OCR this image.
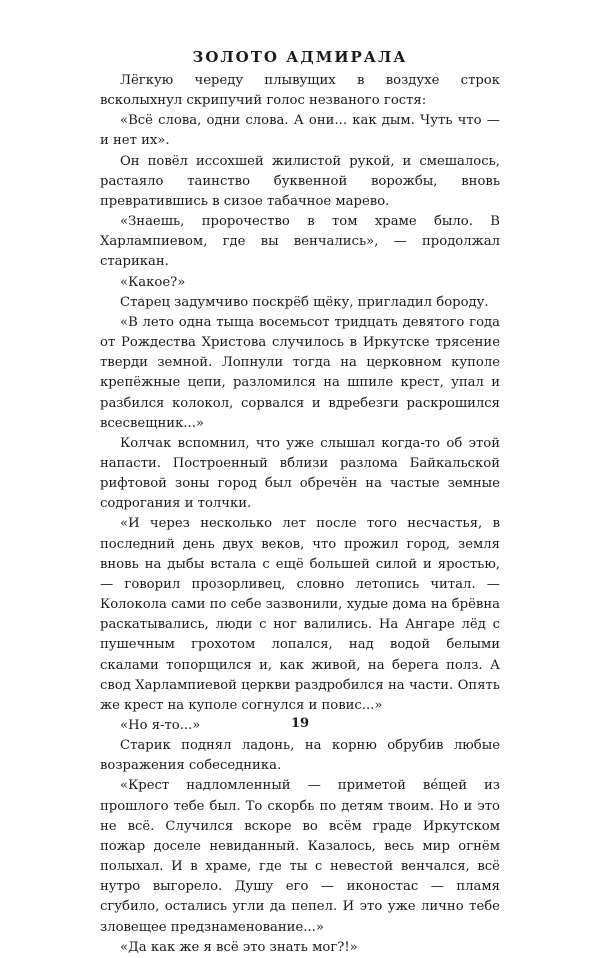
ЗОЛОТО АДМИРАЛА

Лёгкую череду плывущих в воздухе строк всколыхнул скрипучий голос незваного гостя:

«Всё слова, одни слова. А они... как дым. Чуть что — и нет их».

Он повёл иссохшей жилистой рукой, и смешалось, растаяло таинство буквенной ворожбы, вновь превратившись в сизое табачное марево.

«Знаешь, пророчество в том храме было. В Харлампиевом, где вы венчались», — продолжал старикан.

«Какое?»

Старец задумчиво поскрёб щёку, пригладил бороду.

«В лето одна тыща восемьсот тридцать девятого года от Рождества Христова случилось в Иркутске трясение тверди земной. Лопнули тогда на церковном куполе крепёжные цепи, разломился на шпиле крест, упал и разбился колокол, сорвался и вдребезги раскрошился всесвещник...»

Колчак вспомнил, что уже слышал когда-то об этой напасти. Построенный вблизи разлома Байкальской рифтовой зоны город был обречён на частые земные содрогания и толчки.

«И через несколько лет после того несчастья, в последний день двух веков, что прожил город, земля вновь на дыбы встала с ещё большей силой и яростью, — говорил прозорливец, словно летопись читал. — Колокола сами по себе зазвонили, худые дома на брёвна раскатывались, люди с ног валились. На Ангаре лёд с пушечным грохотом лопался, над водой белыми скалами топорщился и, как живой, на берега полз. А свод Харлампиевой церкви раздробился на части. Опять же крест на куполе согнулся и повис...»

«Но я-то...»

Старик поднял ладонь, на корню обрубив любые возражения собеседника.

«Крест надломленный — приметой вéщей из прошлого тебе был. То скорбь по детям твоим. Но и это не всё. Случился вскоре во всём граде Иркутском пожар доселе невиданный. Казалось, весь мир огнём полыхал. И в храме, где ты с невестой венчался, всё нутро выгорело. Душу его — иконостас — пламя сгубило, остались угли да пепел. И это уже лично тебе зловещее предзнаменование...»

«Да как же я всё это знать мог?!»

19
